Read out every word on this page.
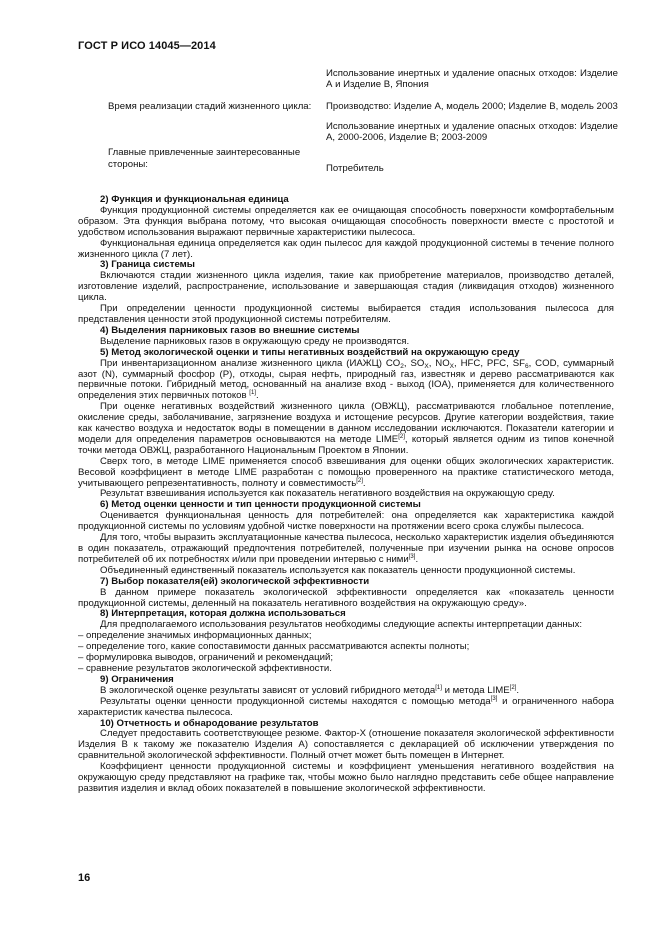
ГОСТ Р ИСО 14045—2014
Использование инертных и удаление опасных отходов: Изделие А и Изделие В, Япония
Время реализации стадий жизненного цикла:	Производство: Изделие А, модель 2000; Изделие В, модель 2003
Использование инертных и удаление опасных отходов: Изделие А, 2000-2006, Изделие В; 2003-2009
Главные привлеченные заинтересованные стороны:	Потребитель

2) Функция и функциональная единица

Функция продукционной системы определяется как ее очищающая способность поверхности комфортабельным образом. Эта функция выбрана потому, что высокая очищающая способность поверхности вместе с простотой и удобством использования выражают первичные характеристики пылесоса.

Функциональная единица определяется как один пылесос для каждой продукционной системы в течение полного жизненного цикла (7 лет).

3) Граница системы

Включаются стадии жизненного цикла изделия, такие как приобретение материалов, производство деталей, изготовление изделий, распространение, использование и завершающая стадия (ликвидация отходов) жизненного цикла.

При определении ценности продукционной системы выбирается стадия использования пылесоса для представления ценности этой продукционной системы потребителям.

4) Выделения парниковых газов во внешние системы

Выделение парниковых газов в окружающую среду не производятся.

5) Метод экологической оценки и типы негативных воздействий на окружающую среду

При инвентаризационном анализе жизненного цикла (ИАЖЦ) $CO_2$, $SO_X$, $NO_X$, HFC, PFC, $SF_6$, COD, суммарный азот (N), суммарный фосфор (P), отходы, сырая нефть, природный газ, известняк и дерево рассматриваются как первичные потоки. Гибридный метод, основанный на анализе вход - выход (IOA), применяется для количественного определения этих первичных потоков [1].

При оценке негативных воздействий жизненного цикла (ОВЖЦ), рассматриваются глобальное потепление, окисление среды, заболачивание, загрязнение воздуха и истощение ресурсов. Другие категории воздействия, такие как качество воздуха и недостаток воды в помещении в данном исследовании исключаются. Показатели категории и модели для определения параметров основываются на методе LIME[2], который является одним из типов конечной точки метода ОВЖЦ, разработанного Национальным Проектом в Японии.

Сверх того, в методе LIME применяется способ взвешивания для оценки общих экологических характеристик. Весовой коэффициент в методе LIME разработан с помощью проверенного на практике статистического метода, учитывающего репрезентативность, полноту и совместимость[2].

Результат взвешивания используется как показатель негативного воздействия на окружающую среду.

6) Метод оценки ценности и тип ценности продукционной системы

Оценивается функциональная ценность для потребителей: она определяется как характеристика каждой продукционной системы по условиям удобной чистке поверхности на протяжении всего срока службы пылесоса.

Для того, чтобы выразить эксплуатационные качества пылесоса, несколько характеристик изделия объединяются в один показатель, отражающий предпочтения потребителей, полученные при изучении рынка на основе опросов потребителей об их потребностях и/или при проведении интервью с ними[3].

Объединенный единственный показатель используется как показатель ценности продукционной системы.

7) Выбор показателя(ей) экологической эффективности

В данном примере показатель экологической эффективности определяется как «показатель ценности продукционной системы, деленный на показатель негативного воздействия на окружающую среду».

8) Интерпретация, которая должна использоваться

Для предполагаемого использования результатов необходимы следующие аспекты интерпретации данных:

– определение значимых информационных данных;

– определение того, какие сопоставимости данных рассматриваются аспекты полноты;

– формулировка выводов, ограничений и рекомендаций;

– сравнение результатов экологической эффективности.

9) Ограничения

В экологической оценке результаты зависят от условий гибридного метода[1] и метода LIME[2].

Результаты оценки ценности продукционной системы находятся с помощью метода[3] и ограниченного набора характеристик качества пылесоса.

10) Отчетность и обнародование результатов

Следует предоставить соответствующее резюме. Фактор-X (отношение показателя экологической эффективности Изделия В к такому же показателю Изделия А) сопоставляется с декларацией об исключении утверждения по сравнительной экологической эффективности. Полный отчет может быть помещен в Интернет.

Коэффициент ценности продукционной системы и коэффициент уменьшения негативного воздействия на окружающую среду представляют на графике так, чтобы можно было наглядно представить себе общее направление развития изделия и вклад обоих показателей в повышение экологической эффективности.

16
